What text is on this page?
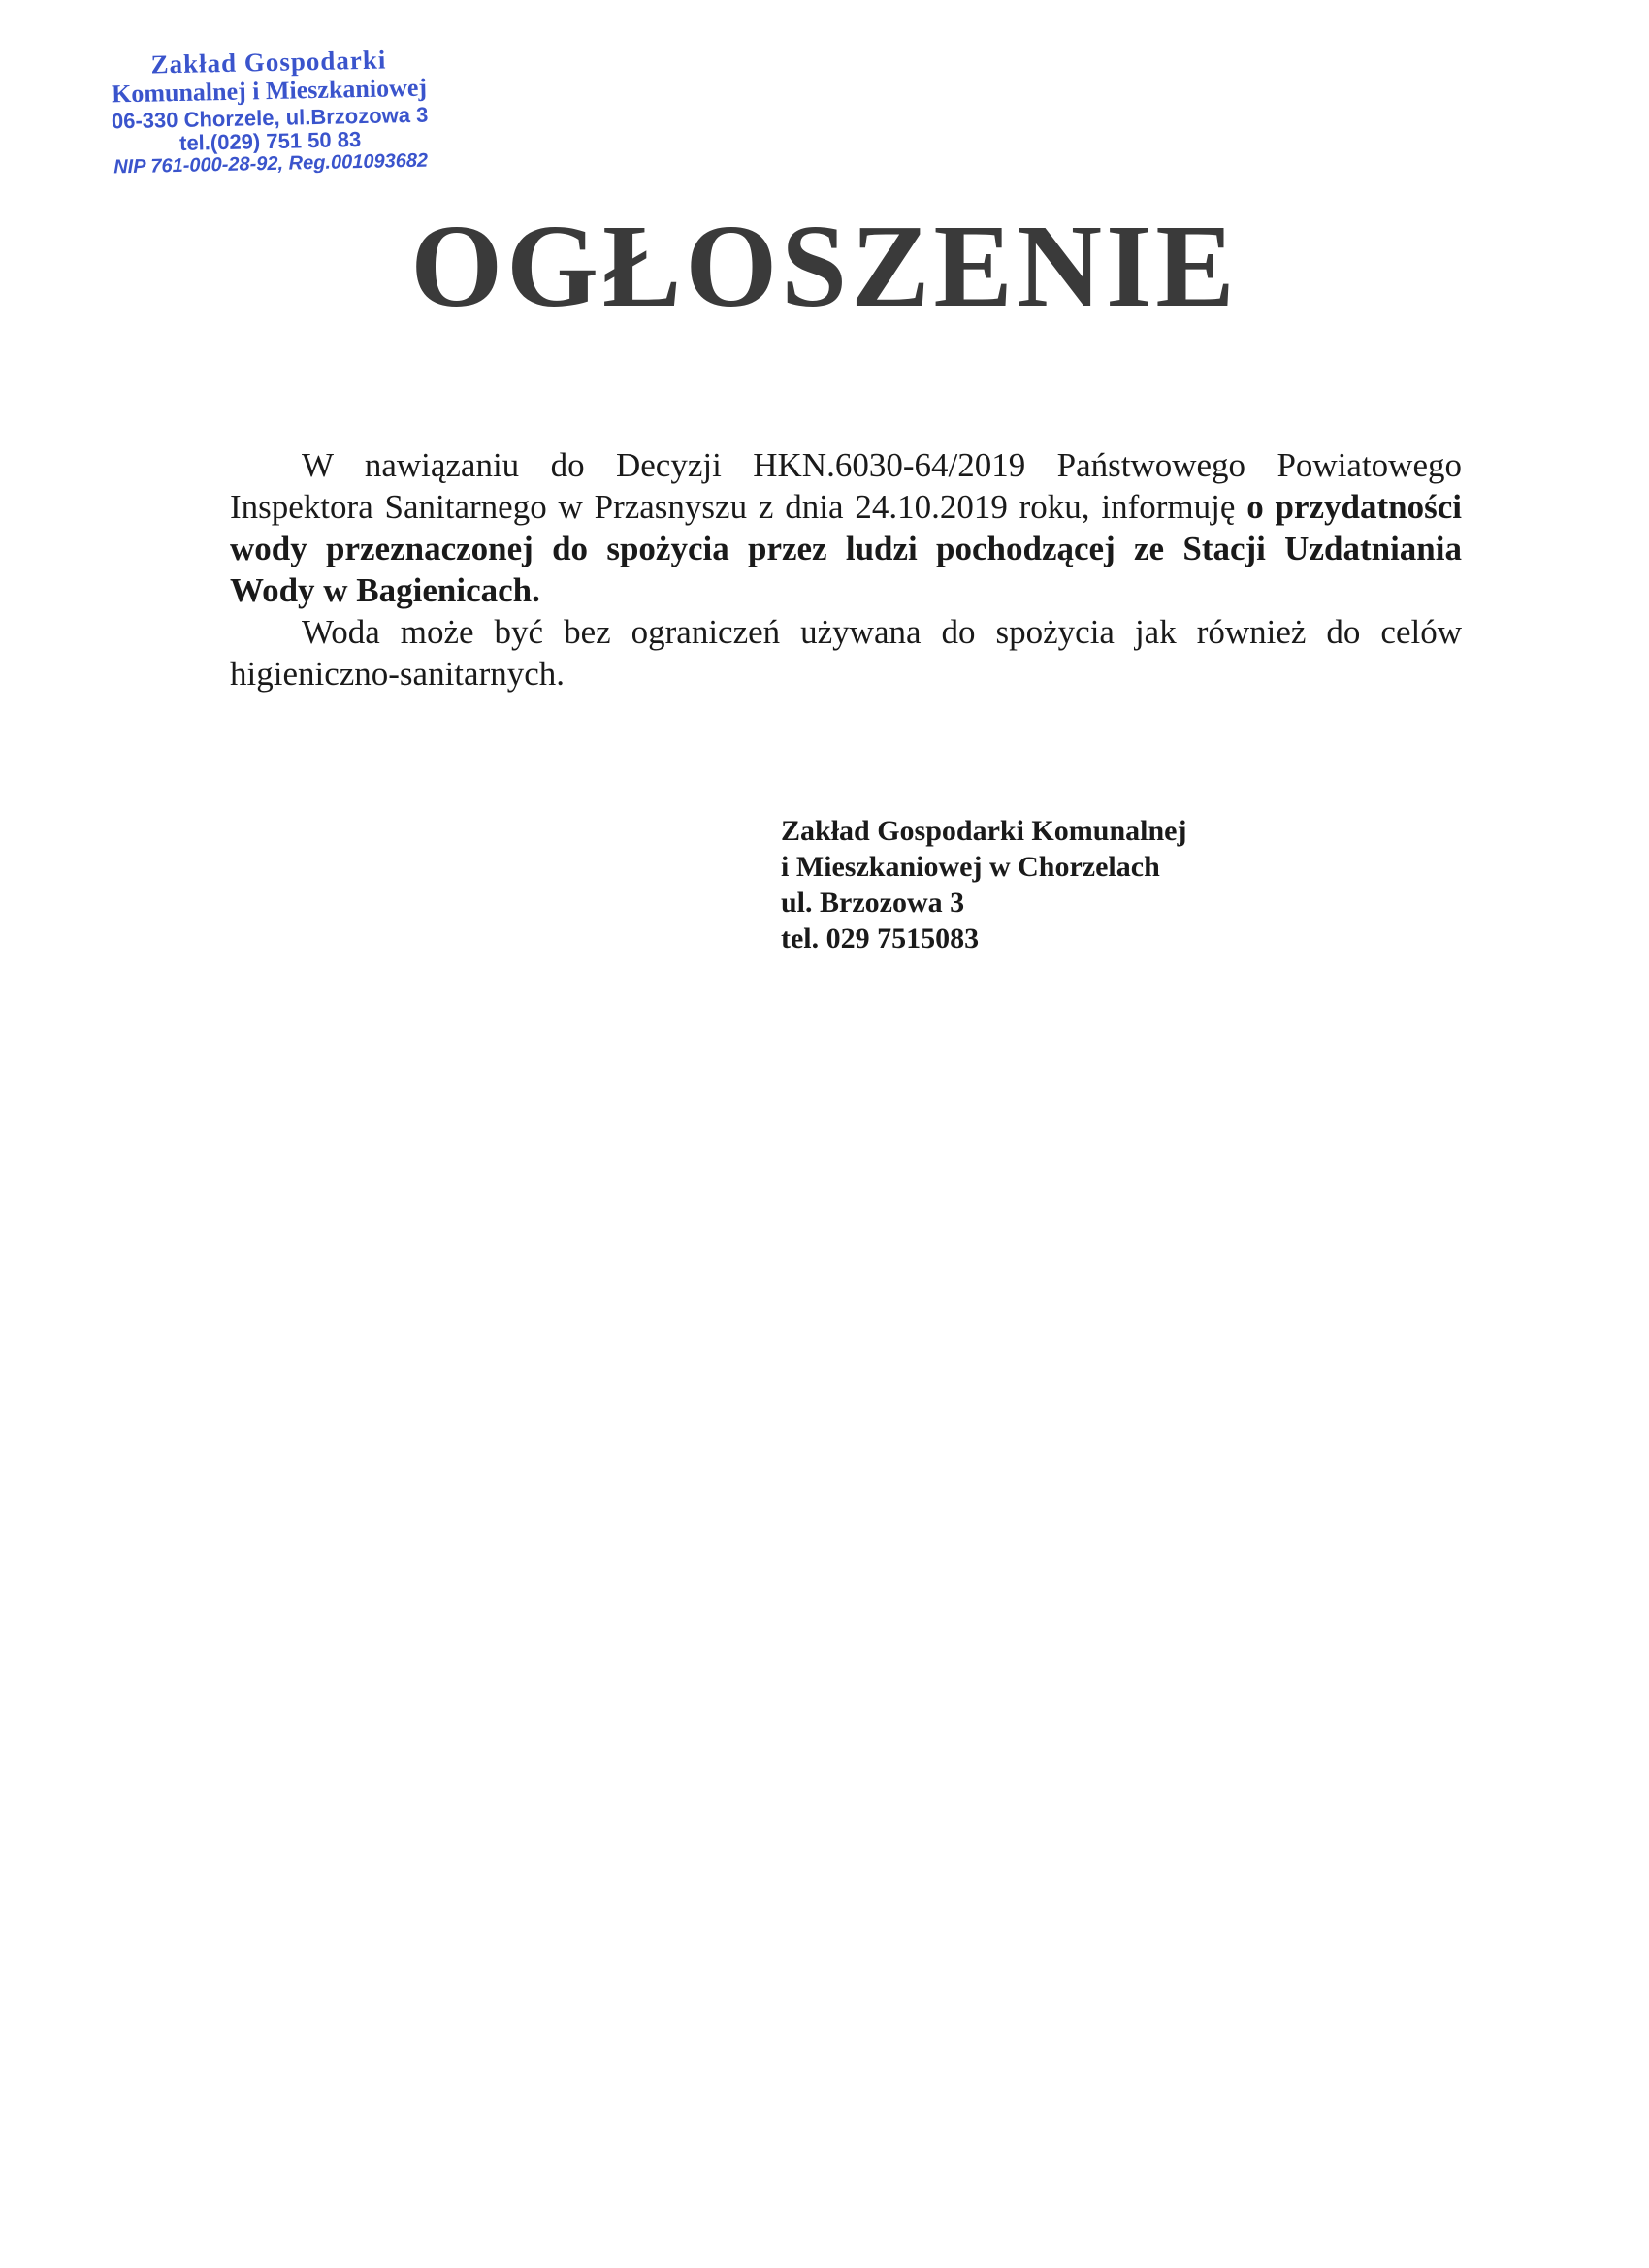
Zakład Gospodarki
Komunalnej i Mieszkaniowej
06-330 Chorzele, ul.Brzozowa 3
tel.(029) 751 50 83
NIP 761-000-28-92, Reg.001093682
OGŁOSZENIE

W nawiązaniu do Decyzji HKN.6030-64/2019 Państwowego Powiatowego Inspektora Sanitarnego w Przasnyszu z dnia 24.10.2019 roku, informuję o przydatności wody przeznaczonej do spożycia przez ludzi pochodzącej ze Stacji Uzdatniania Wody w Bagienicach.

Woda może być bez ograniczeń używana do spożycia jak również do celów higieniczno-sanitarnych.

Zakład Gospodarki Komunalnej
i Mieszkaniowej w Chorzelach
ul. Brzozowa 3
tel. 029 7515083
